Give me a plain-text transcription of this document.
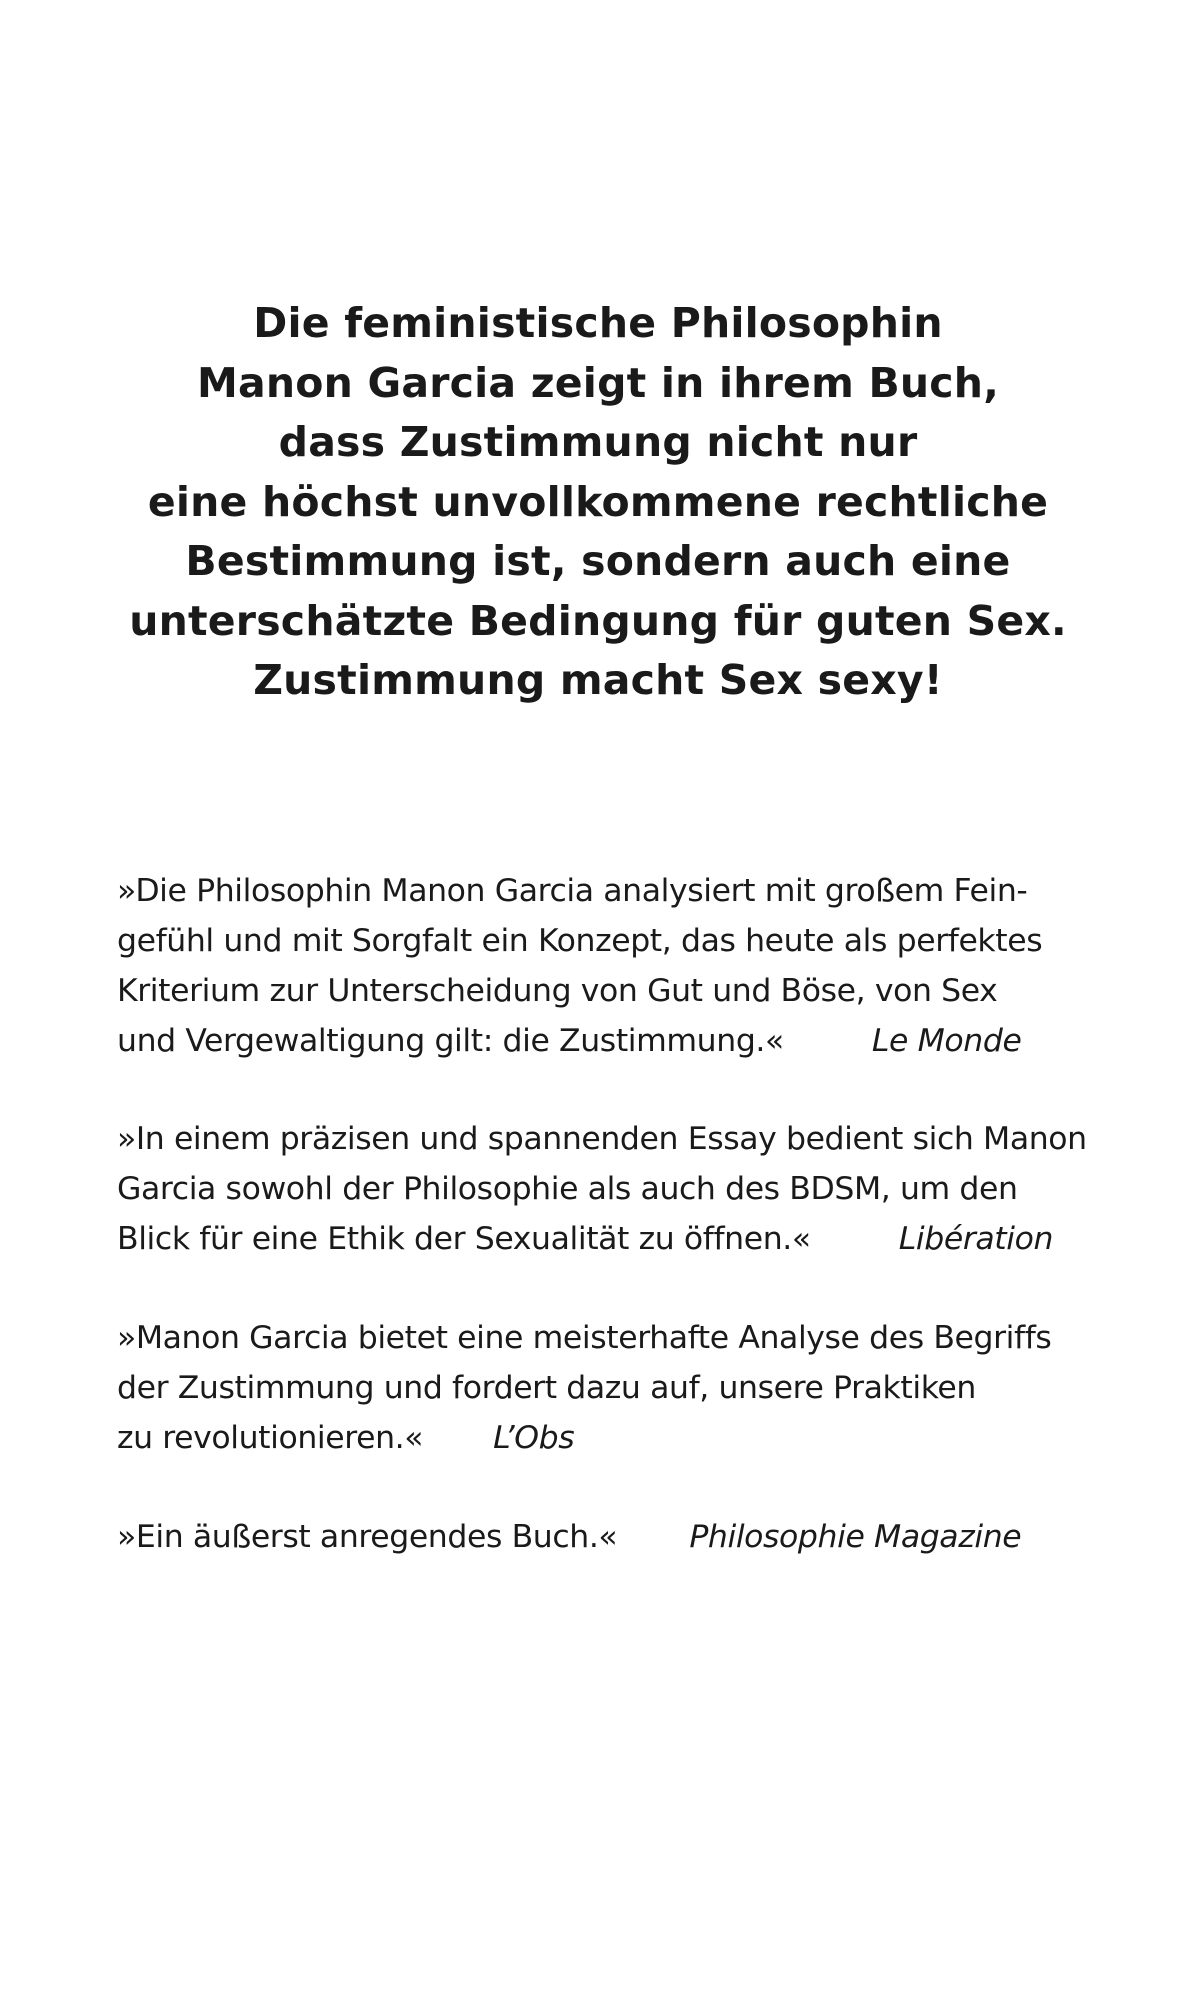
Die feministische Philosophin
Manon Garcia zeigt in ihrem Buch,
dass Zustimmung nicht nur
eine höchst unvollkommene rechtliche
Bestimmung ist, sondern auch eine
unterschätzte Bedingung für guten Sex.
Zustimmung macht Sex sexy!
»Die Philosophin Manon Garcia analysiert mit großem Fein-
gefühl und mit Sorgfalt ein Konzept, das heute als perfektes
Kriterium zur Unterscheidung von Gut und Böse, von Sex
und Vergewaltigung gilt: die Zustimmung.«	Le Monde
»In einem präzisen und spannenden Essay bedient sich Manon
Garcia sowohl der Philosophie als auch des BDSM, um den
Blick für eine Ethik der Sexualität zu öffnen.«	Libération
»Manon Garcia bietet eine meisterhafte Analyse des Begriffs
der Zustimmung und fordert dazu auf, unsere Praktiken
zu revolutionieren.« L’Obs
»Ein äußerst anregendes Buch.« Philosophie Magazine
